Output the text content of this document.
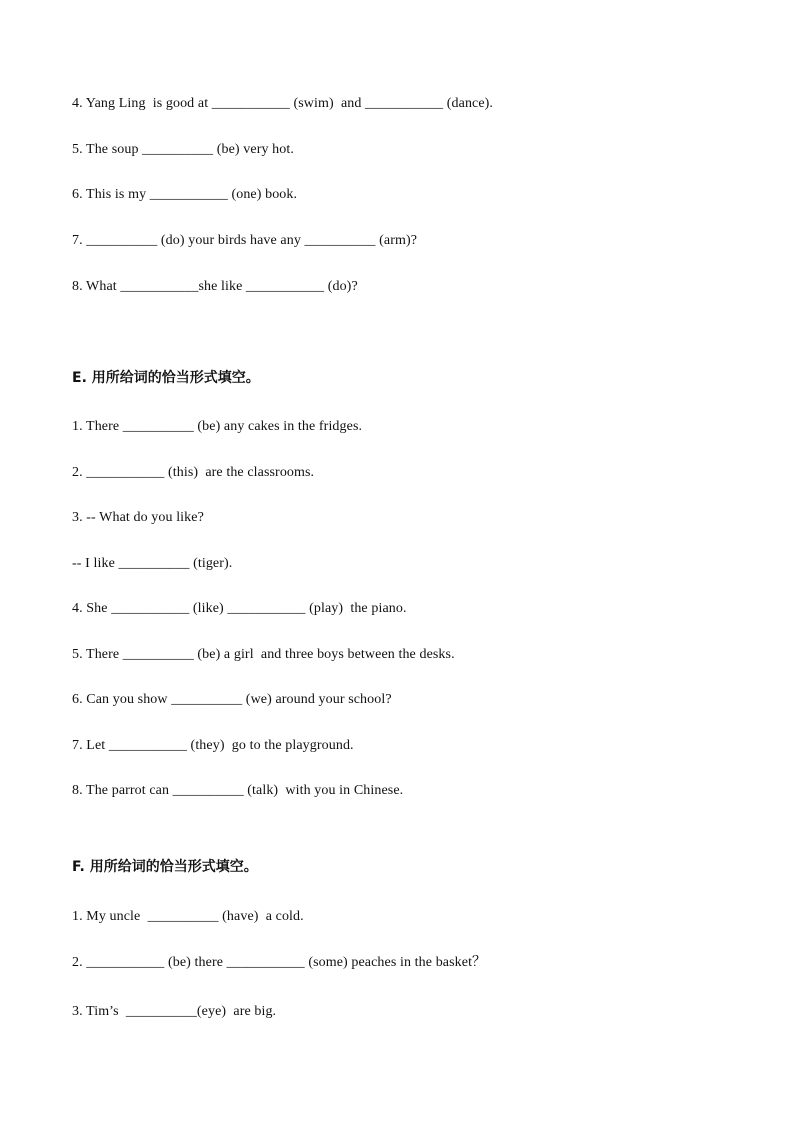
4. Yang Ling  is good at ___________ (swim)  and ___________ (dance).
5. The soup __________ (be) very hot.
6. This is my ___________ (one) book.
7. __________ (do) your birds have any __________ (arm)?
8. What ___________she like ___________ (do)?
E. 用所给词的恰当形式填空。
1. There __________ (be) any cakes in the fridges.
2. ___________ (this)  are the classrooms.
3. -- What do you like?
-- I like __________ (tiger).
4. She ___________ (like) ___________ (play)  the piano.
5. There __________ (be) a girl  and three boys between the desks.
6. Can you show __________ (we) around your school?
7. Let ___________ (they)  go to the playground.
8. The parrot can __________ (talk)  with you in Chinese.
F. 用所给词的恰当形式填空。
1. My uncle  __________ (have)  a cold.
2. ___________ (be) there ___________ (some) peaches in the basket？
3. Tim’s  __________(eye)  are big.
